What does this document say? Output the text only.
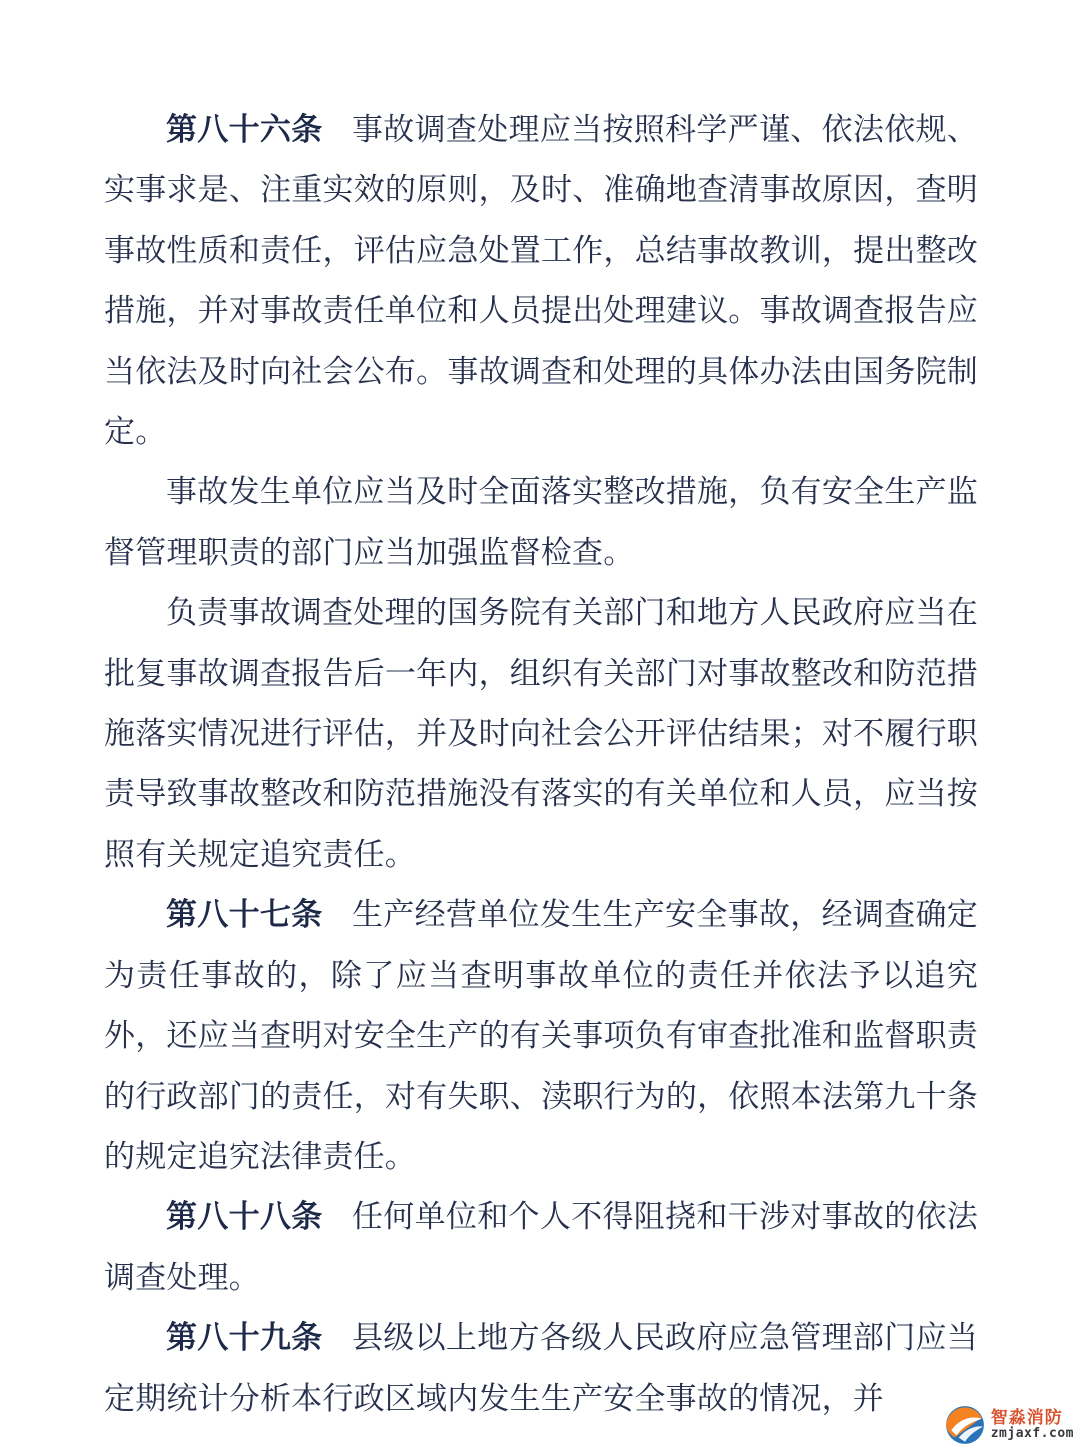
第八十六条 事故调查处理应当按照科学严谨、依法依规、实事求是、注重实效的原则，及时、准确地查清事故原因，查明事故性质和责任，评估应急处置工作，总结事故教训，提出整改措施，并对事故责任单位和人员提出处理建议。事故调查报告应当依法及时向社会公布。事故调查和处理的具体办法由国务院制定。

事故发生单位应当及时全面落实整改措施，负有安全生产监督管理职责的部门应当加强监督检查。

负责事故调查处理的国务院有关部门和地方人民政府应当在批复事故调查报告后一年内，组织有关部门对事故整改和防范措施落实情况进行评估，并及时向社会公开评估结果；对不履行职责导致事故整改和防范措施没有落实的有关单位和人员，应当按照有关规定追究责任。

第八十七条 生产经营单位发生生产安全事故，经调查确定为责任事故的，除了应当查明事故单位的责任并依法予以追究外，还应当查明对安全生产的有关事项负有审查批准和监督职责的行政部门的责任，对有失职、渎职行为的，依照本法第九十条的规定追究法律责任。

第八十八条 任何单位和个人不得阻挠和干涉对事故的依法调查处理。

第八十九条 县级以上地方各级人民政府应急管理部门应当定期统计分析本行政区域内发生生产安全事故的情况，并

智淼消防
zmjaxf.com
